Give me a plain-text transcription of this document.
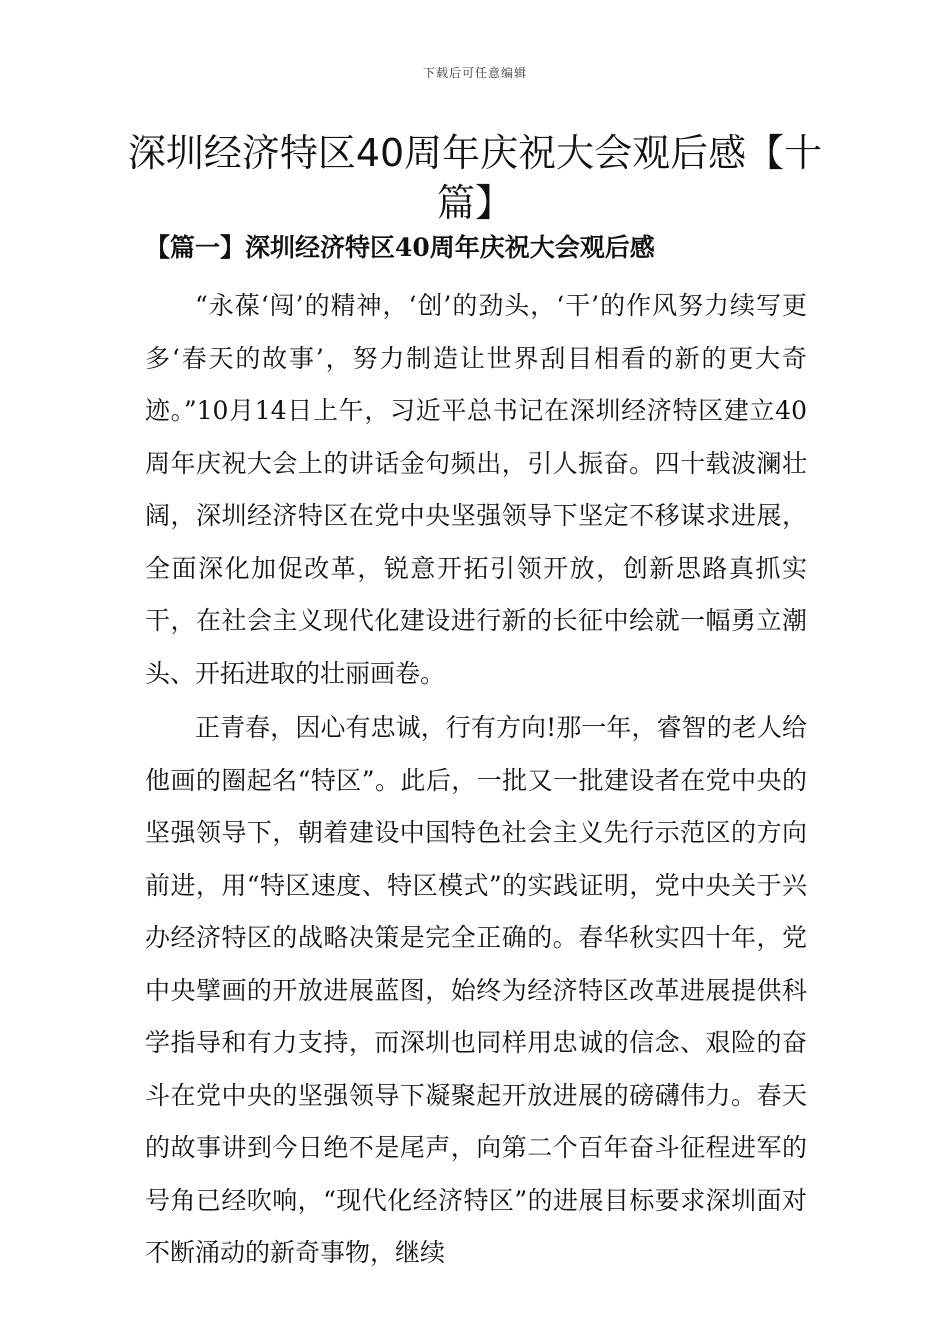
下载后可任意编辑
深圳经济特区40周年庆祝大会观后感【十篇】
【篇一】深圳经济特区40周年庆祝大会观后感

“永葆‘闯’的精神，‘创’的劲头，‘干’的作风努力续写更多‘春天的故事’，努力制造让世界刮目相看的新的更大奇迹。”10月14日上午，习近平总书记在深圳经济特区建立40周年庆祝大会上的讲话金句频出，引人振奋。四十载波澜壮阔，深圳经济特区在党中央坚强领导下坚定不移谋求进展，全面深化加促改革，锐意开拓引领开放，创新思路真抓实干，在社会主义现代化建设进行新的长征中绘就一幅勇立潮头、开拓进取的壮丽画卷。

正青春，因心有忠诚，行有方向!那一年，睿智的老人给他画的圈起名“特区”。此后，一批又一批建设者在党中央的坚强领导下，朝着建设中国特色社会主义先行示范区的方向前进，用“特区速度、特区模式”的实践证明，党中央关于兴办经济特区的战略决策是完全正确的。春华秋实四十年，党中央擘画的开放进展蓝图，始终为经济特区改革进展提供科学指导和有力支持，而深圳也同样用忠诚的信念、艰险的奋斗在党中央的坚强领导下凝聚起开放进展的磅礴伟力。春天的故事讲到今日绝不是尾声，向第二个百年奋斗征程进军的号角已经吹响，“现代化经济特区”的进展目标要求深圳面对不断涌动的新奇事物，继续
